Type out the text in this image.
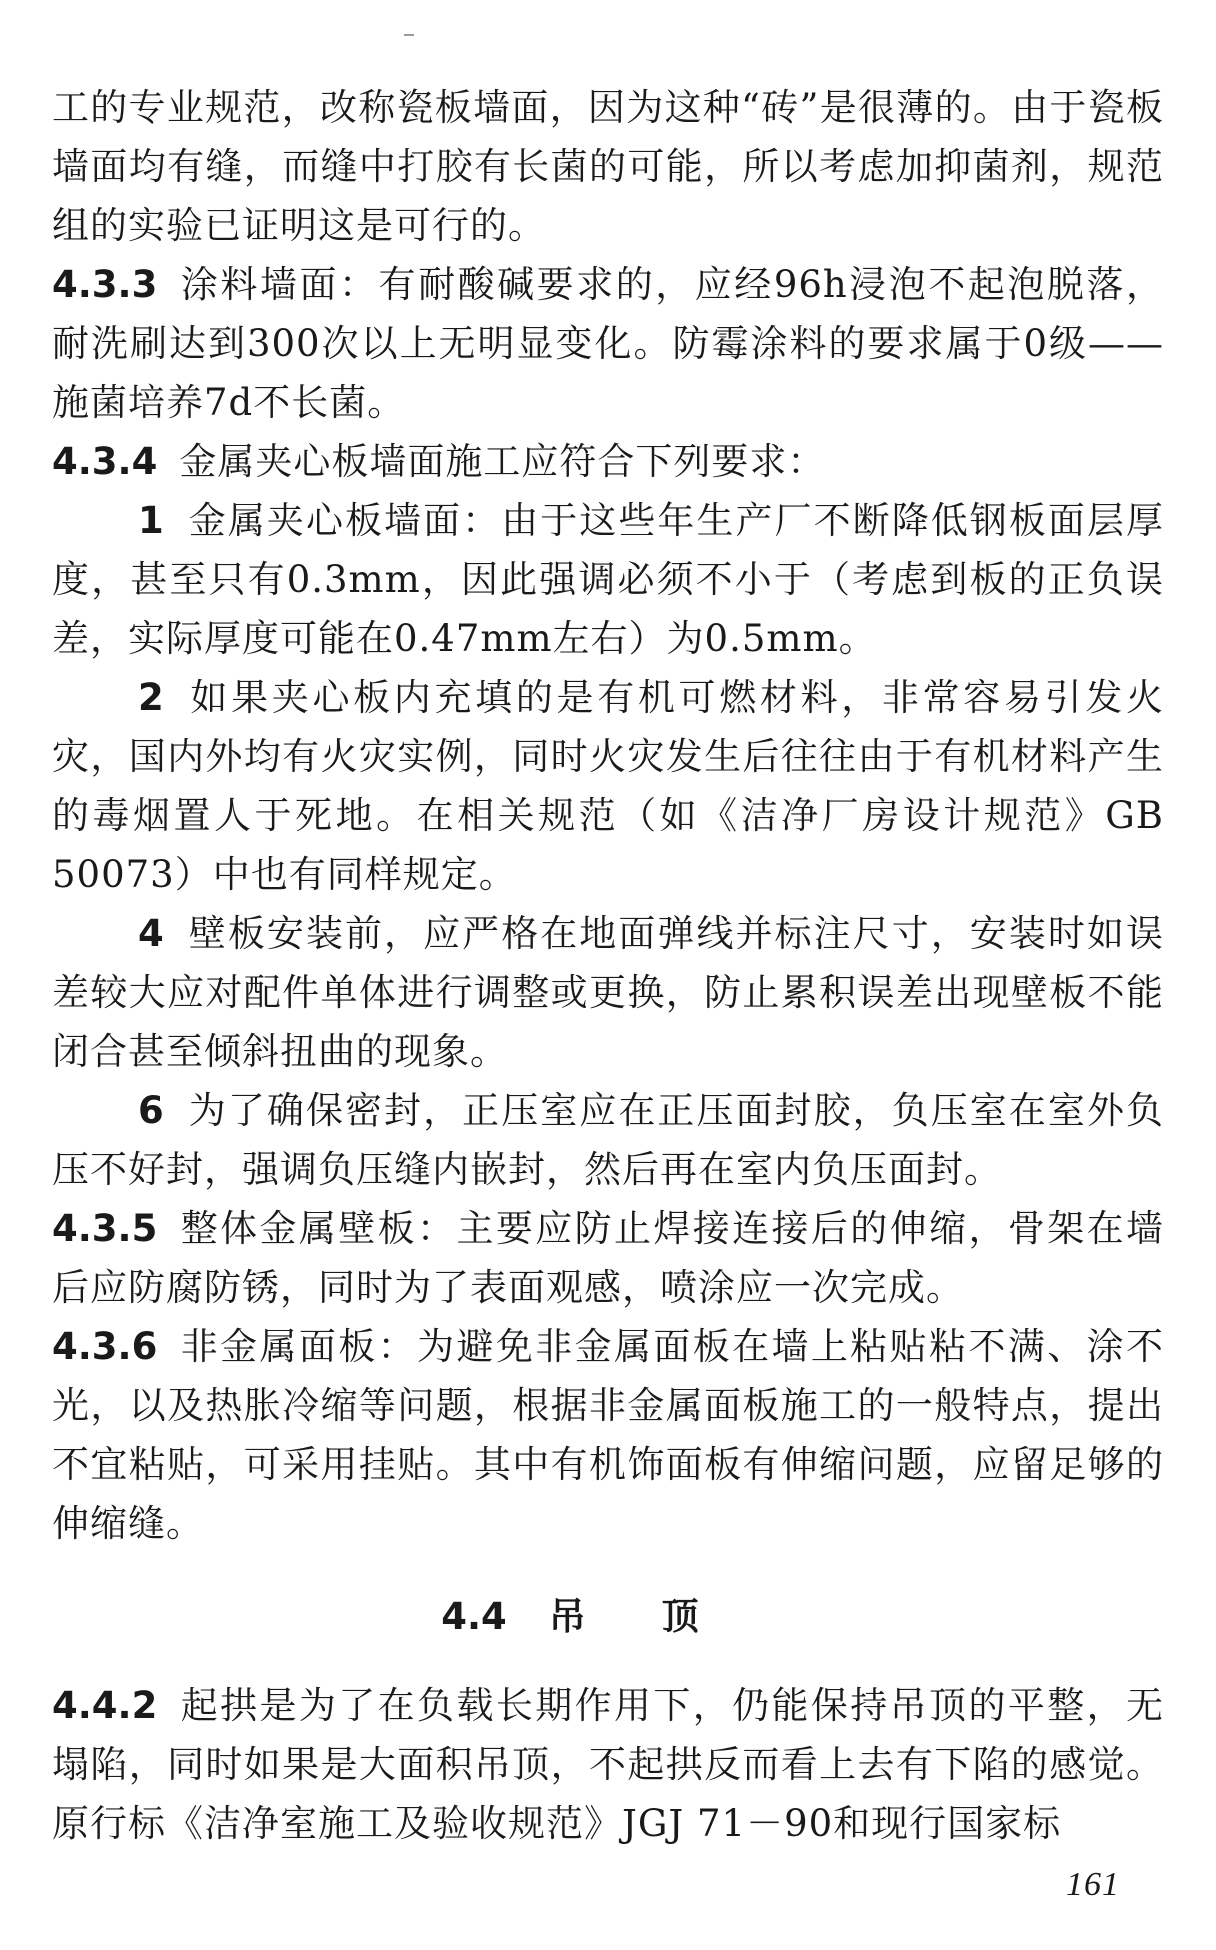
工的专业规范，改称瓷板墙面，因为这种“砖”是很薄的。由于瓷板墙面均有缝，而缝中打胶有长菌的可能，所以考虑加抑菌剂，规范组的实验已证明这是可行的。

4.3.3 涂料墙面：有耐酸碱要求的，应经96h浸泡不起泡脱落，耐洗刷达到300次以上无明显变化。防霉涂料的要求属于0级——施菌培养7d不长菌。

4.3.4 金属夹心板墙面施工应符合下列要求：

1 金属夹心板墙面：由于这些年生产厂不断降低钢板面层厚度，甚至只有0.3mm，因此强调必须不小于（考虑到板的正负误差，实际厚度可能在0.47mm左右）为0.5mm。

2 如果夹心板内充填的是有机可燃材料，非常容易引发火灾，国内外均有火灾实例，同时火灾发生后往往由于有机材料产生的毒烟置人于死地。在相关规范（如《洁净厂房设计规范》GB 50073）中也有同样规定。

4 壁板安装前，应严格在地面弹线并标注尺寸，安装时如误差较大应对配件单体进行调整或更换，防止累积误差出现壁板不能闭合甚至倾斜扭曲的现象。

6 为了确保密封，正压室应在正压面封胶，负压室在室外负压不好封，强调负压缝内嵌封，然后再在室内负压面封。

4.3.5 整体金属壁板：主要应防止焊接连接后的伸缩，骨架在墙后应防腐防锈，同时为了表面观感，喷涂应一次完成。

4.3.6 非金属面板：为避免非金属面板在墙上粘贴粘不满、涂不光，以及热胀冷缩等问题，根据非金属面板施工的一般特点，提出不宜粘贴，可采用挂贴。其中有机饰面板有伸缩问题，应留足够的伸缩缝。

4.4 吊顶

4.4.2 起拱是为了在负载长期作用下，仍能保持吊顶的平整，无塌陷，同时如果是大面积吊顶，不起拱反而看上去有下陷的感觉。原行标《洁净室施工及验收规范》JGJ 71－90和现行国家标

161
